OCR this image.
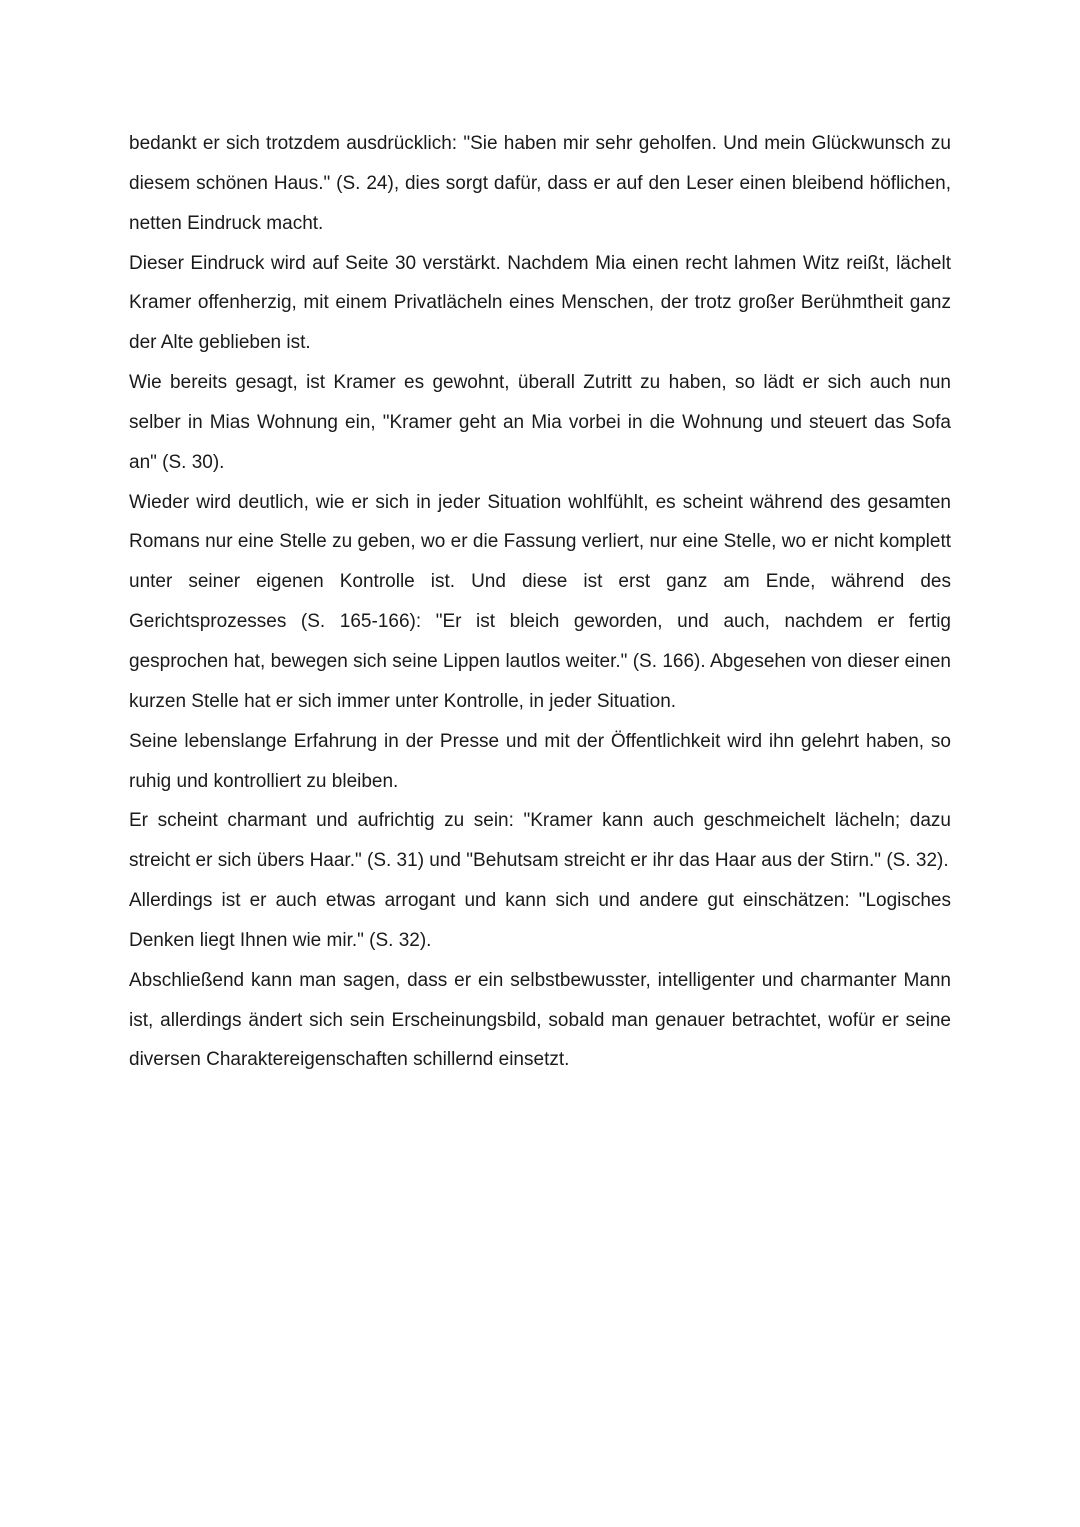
bedankt er sich trotzdem ausdrücklich: "Sie haben mir sehr geholfen. Und mein Glückwunsch zu diesem schönen Haus." (S. 24), dies sorgt dafür, dass er auf den Leser einen bleibend höflichen, netten Eindruck macht.

Dieser Eindruck wird auf Seite 30 verstärkt. Nachdem Mia einen recht lahmen Witz reißt, lächelt Kramer offenherzig, mit einem Privatlächeln eines Menschen, der trotz großer Berühmtheit ganz der Alte geblieben ist.

Wie bereits gesagt, ist Kramer es gewohnt, überall Zutritt zu haben, so lädt er sich auch nun selber in Mias Wohnung ein, "Kramer geht an Mia vorbei in die Wohnung und steuert das Sofa an" (S. 30).

Wieder wird deutlich, wie er sich in jeder Situation wohlfühlt, es scheint während des gesamten Romans nur eine Stelle zu geben, wo er die Fassung verliert, nur eine Stelle, wo er nicht komplett unter seiner eigenen Kontrolle ist. Und diese ist erst ganz am Ende, während des Gerichtsprozesses (S. 165-166): "Er ist bleich geworden, und auch, nachdem er fertig gesprochen hat, bewegen sich seine Lippen lautlos weiter." (S. 166). Abgesehen von dieser einen kurzen Stelle hat er sich immer unter Kontrolle, in jeder Situation.

Seine lebenslange Erfahrung in der Presse und mit der Öffentlichkeit wird ihn gelehrt haben, so ruhig und kontrolliert zu bleiben.

Er scheint charmant und aufrichtig zu sein: "Kramer kann auch geschmeichelt lächeln; dazu streicht er sich übers Haar." (S. 31) und "Behutsam streicht er ihr das Haar aus der Stirn." (S. 32).

Allerdings ist er auch etwas arrogant und kann sich und andere gut einschätzen: "Logisches Denken liegt Ihnen wie mir." (S. 32).

Abschließend kann man sagen, dass er ein selbstbewusster, intelligenter und charmanter Mann ist, allerdings ändert sich sein Erscheinungsbild, sobald man genauer betrachtet, wofür er seine diversen Charaktereigenschaften schillernd einsetzt.
